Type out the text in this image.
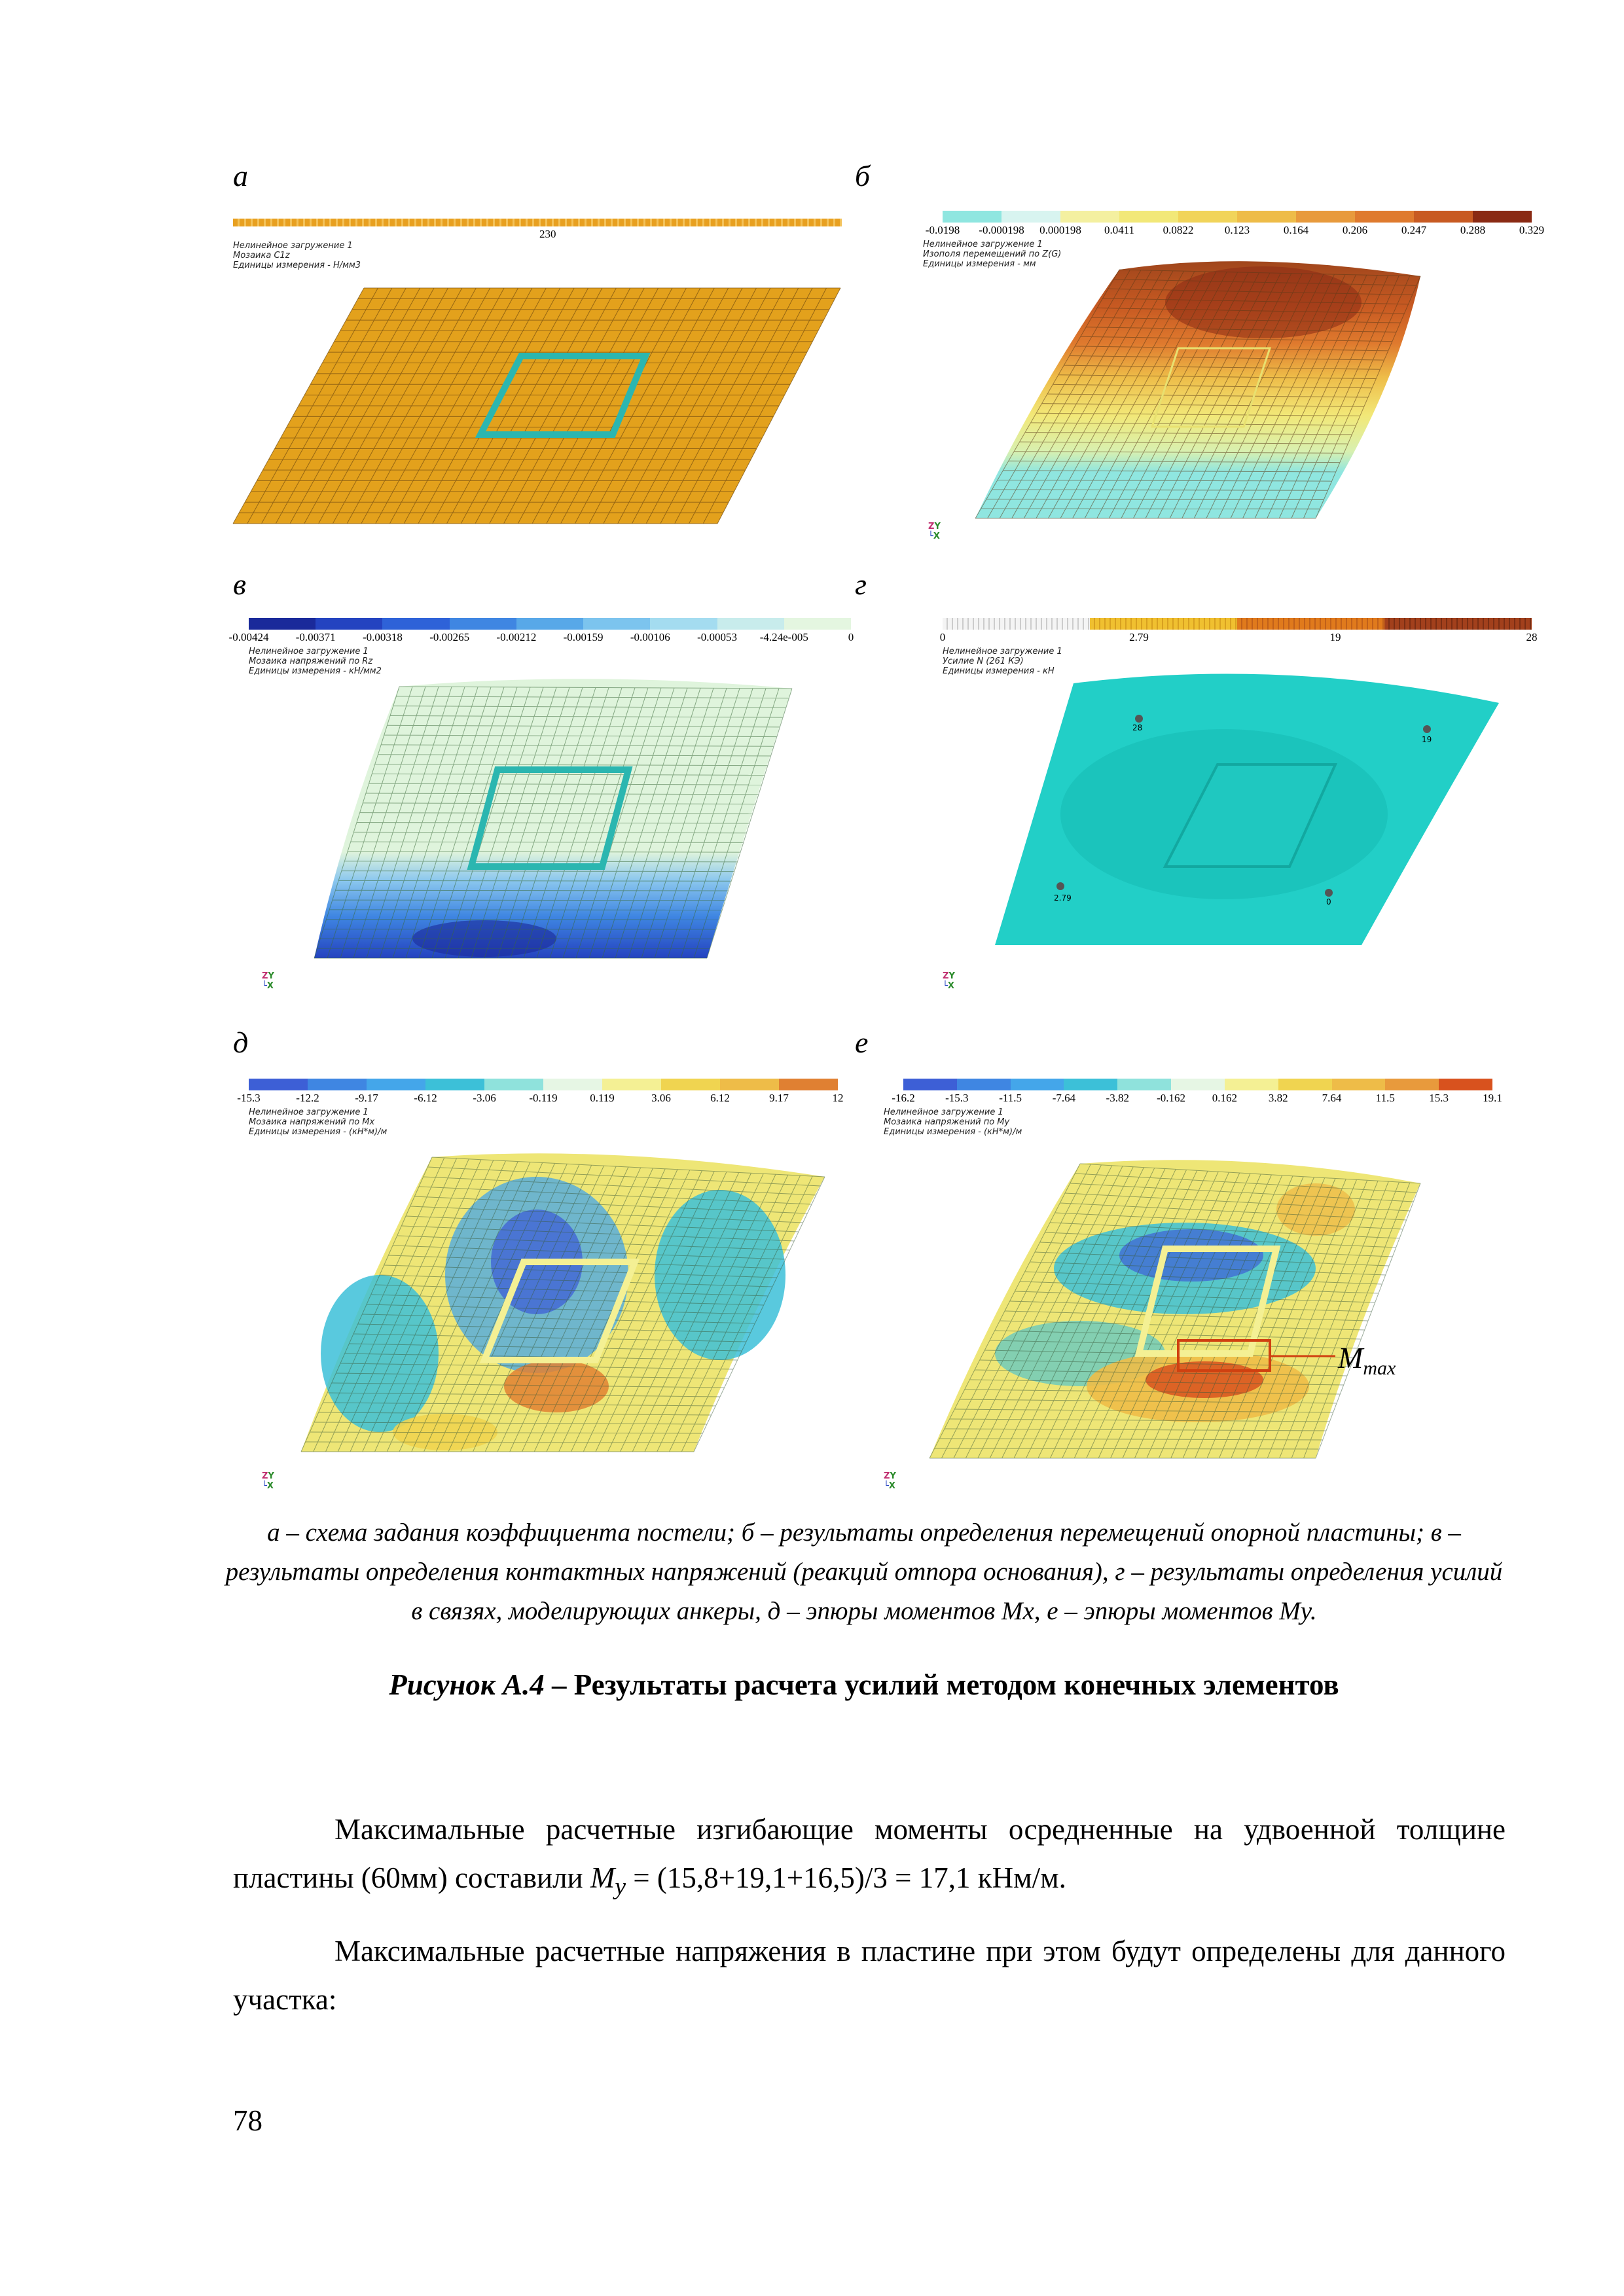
а
230
Нелинейное загружение 1
Мозаика C1z
Единицы измерения - Н/мм3
б
-0.0198 -0.000198 0.000198 0.0411	0.0822	0.123	0.164	0.206	0.247	0.288	0.329
Нелинейное загружение 1
Изополя перемещений по Z(G)
Единицы измерения - мм
ZY
└X
в
-0.00424 -0.00371 -0.00318 -0.00265 -0.00212 -0.00159 -0.00106 -0.00053 -4.24e-005	0
Нелинейное загружение 1
Мозаика напряжений по Rz
Единицы измерения - кН/мм2
ZY
└X
г
0	2.79	19	28
Нелинейное загружение 1
Усилие N (261 КЭ)
Единицы измерения - кН
28
19
2.79	0
ZY
└X
д
-15.3	-12.2	-9.17	-6.12	-3.06	-0.119	0.119	3.06	6.12	9.17	12
Нелинейное загружение 1
Мозаика напряжений по Mx
Единицы измерения - (кН*м)/м
ZY
└X
е
-16.2	-15.3	-11.5	-7.64	-3.82 -0.162 0.162	3.82	7.64	11.5	15.3	19.1
Нелинейное загружение 1
Мозаика напряжений по My
Единицы измерения - (кН*м)/м
$M_{max}$
ZY
└X
а – схема задания коэффициента постели; б – результаты определения перемещений опорной пластины; в – результаты определения контактных напряжений (реакций отпора основания), г – результаты определения усилий в связях, моделирующих анкеры, д – эпюры моментов Mx, е – эпюры моментов My.
Рисунок А.4 – Результаты расчета усилий методом конечных элементов
Максимальные расчетные изгибающие моменты осредненные на удвоенной толщине пластины (60мм) составили $M_y = (15,8+19,1+16,5)/3 = 17,1$ кНм/м.
Максимальные расчетные напряжения в пластине при этом будут определены для данного участка:
78
